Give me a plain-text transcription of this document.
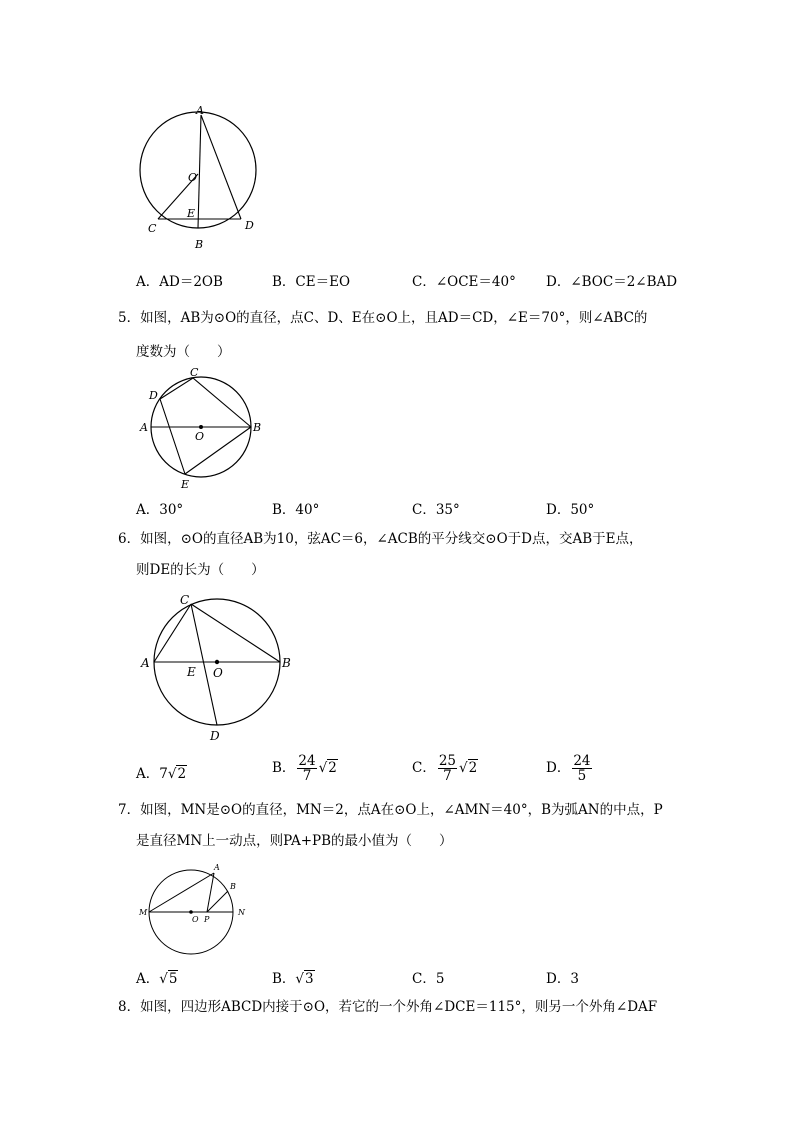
A
O
E
C
B
D
A．AD＝2OB	B．CE＝EO	C．∠OCE＝40° D．∠BOC＝2∠BAD
5．如图，AB为⊙O的直径，点C、D、E在⊙O上，且AD＝CD，∠E＝70°，则∠ABC的
度数为（　　）
C
D
A
O
B
E
A．30°	B．40°	C．35°	D．50°
6．如图，⊙O的直径AB为10，弦AC＝6，∠ACB的平分线交⊙O于D点，交AB于E点，
则DE的长为（　　）
C
A
E O
B
D
A．7√2	B． $\frac{24}{7} √2$	C． $\frac{25}{7} √2$	D． $\frac{24}{5}$
7．如图，MN是⊙O的直径，MN＝2，点A在⊙O上，∠AMN＝40°，B为弧AN的中点，P
是直径MN上一动点，则PA+PB的最小值为（　　）
A
B
M
O P
N
A．√5	B．√3	C．5	D．3
8．如图，四边形ABCD内接于⊙O，若它的一个外角∠DCE＝115°，则另一个外角∠DAF
